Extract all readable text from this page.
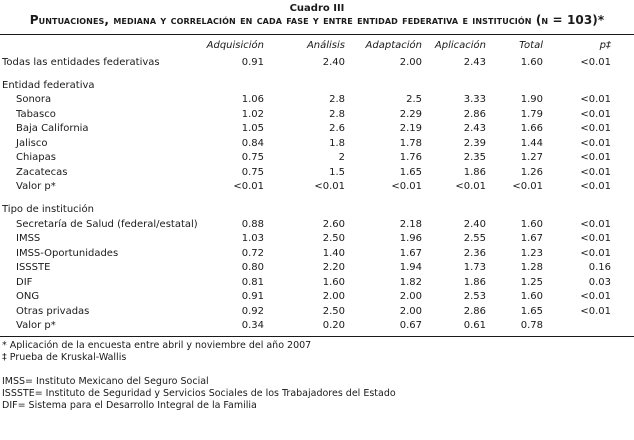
Cuadro III
Puntuaciones, mediana y correlación en cada fase y entre entidad federativa e institución (n = 103)*
	Adquisición	Análisis	Adaptación	Aplicación	Total	p‡	
Todas las entidades federativas	0.91	2.40	2.00	2.43	1.60	<0.01	

Entidad federativa							
Sonora	1.06	2.8	2.5	3.33	1.90	<0.01	
Tabasco	1.02	2.8	2.29	2.86	1.79	<0.01	
Baja California	1.05	2.6	2.19	2.43	1.66	<0.01	
Jalisco	0.84	1.8	1.78	2.39	1.44	<0.01	
Chiapas	0.75	2	1.76	2.35	1.27	<0.01	
Zacatecas	0.75	1.5	1.65	1.86	1.26	<0.01	
Valor p*	<0.01	<0.01	<0.01	<0.01	<0.01	<0.01	
Tipo de institución							
Secretaría de Salud (federal/estatal)	0.88	2.60	2.18	2.40	1.60	<0.01	
IMSS	1.03	2.50	1.96	2.55	1.67	<0.01	
IMSS-Oportunidades	0.72	1.40	1.67	2.36	1.23	<0.01	
ISSSTE	0.80	2.20	1.94	1.73	1.28	0.16	
DIF	0.81	1.60	1.82	1.86	1.25	0.03	
ONG	0.91	2.00	2.00	2.53	1.60	<0.01	
Otras privadas	0.92	2.50	2.00	2.86	1.65	<0.01	
Valor p*	0.34	0.20	0.67	0.61	0.78		
* Aplicación de la encuesta entre abril y noviembre del año 2007
‡ Prueba de Kruskal-Wallis
IMSS= Instituto Mexicano del Seguro Social
ISSSTE= Instituto de Seguridad y Servicios Sociales de los Trabajadores del Estado
DIF= Sistema para el Desarrollo Integral de la Familia
